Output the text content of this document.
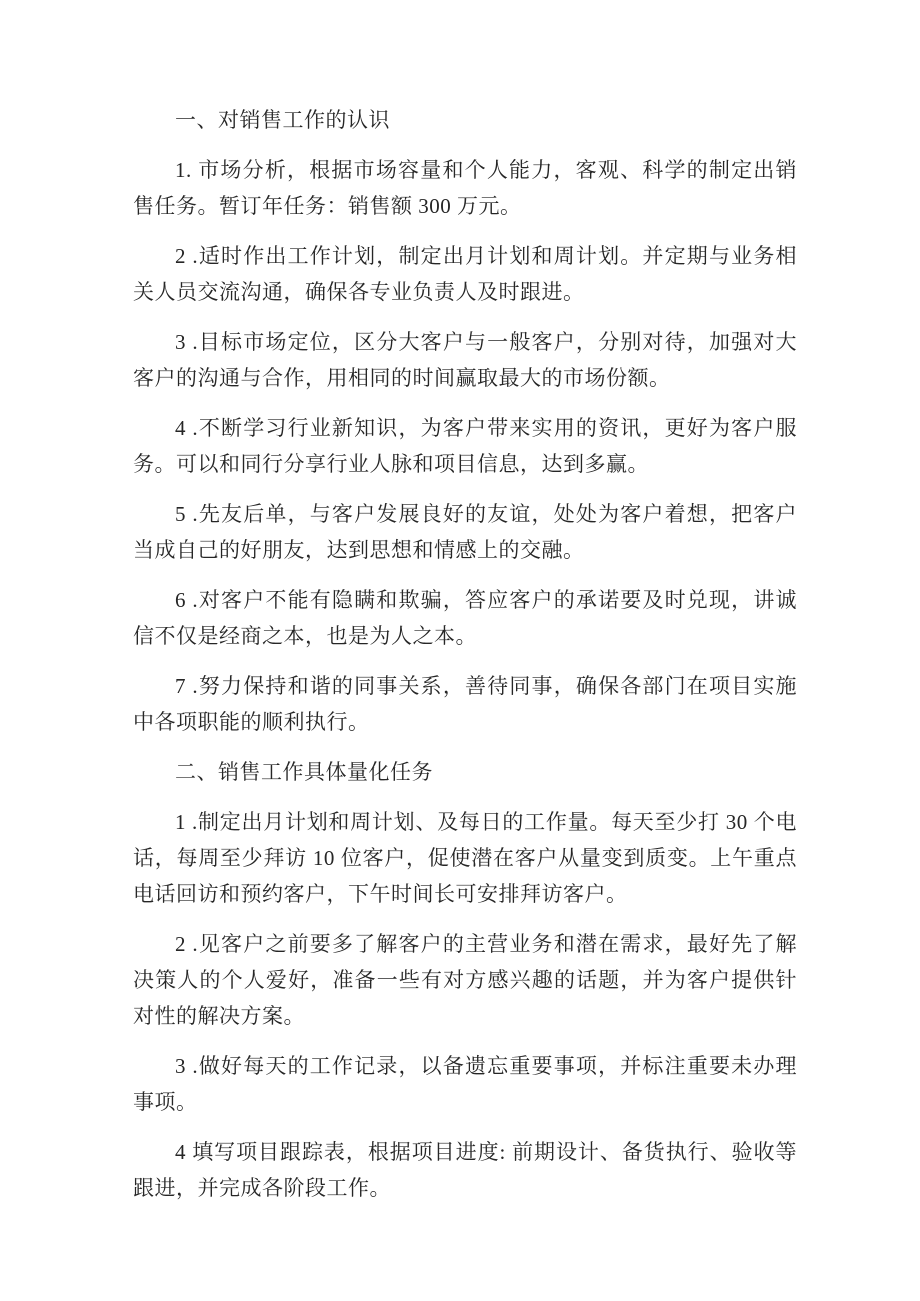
一、对销售工作的认识

1. 市场分析，根据市场容量和个人能力，客观、科学的制定出销售任务。暂订年任务：销售额 300 万元。

2 .适时作出工作计划，制定出月计划和周计划。并定期与业务相关人员交流沟通，确保各专业负责人及时跟进。

3 .目标市场定位，区分大客户与一般客户，分别对待，加强对大客户的沟通与合作，用相同的时间赢取最大的市场份额。

4 .不断学习行业新知识，为客户带来实用的资讯，更好为客户服务。可以和同行分享行业人脉和项目信息，达到多赢。

5 .先友后单，与客户发展良好的友谊，处处为客户着想，把客户当成自己的好朋友，达到思想和情感上的交融。

6 .对客户不能有隐瞒和欺骗，答应客户的承诺要及时兑现，讲诚信不仅是经商之本，也是为人之本。

7 .努力保持和谐的同事关系，善待同事，确保各部门在项目实施中各项职能的顺利执行。

二、销售工作具体量化任务

1 .制定出月计划和周计划、及每日的工作量。每天至少打 30 个电话，每周至少拜访 10 位客户，促使潜在客户从量变到质变。上午重点电话回访和预约客户，下午时间长可安排拜访客户。

2 .见客户之前要多了解客户的主营业务和潜在需求，最好先了解决策人的个人爱好，准备一些有对方感兴趣的话题，并为客户提供针对性的解决方案。

3 .做好每天的工作记录，以备遗忘重要事项，并标注重要未办理事项。

4 填写项目跟踪表，根据项目进度: 前期设计、备货执行、验收等跟进，并完成各阶段工作。
